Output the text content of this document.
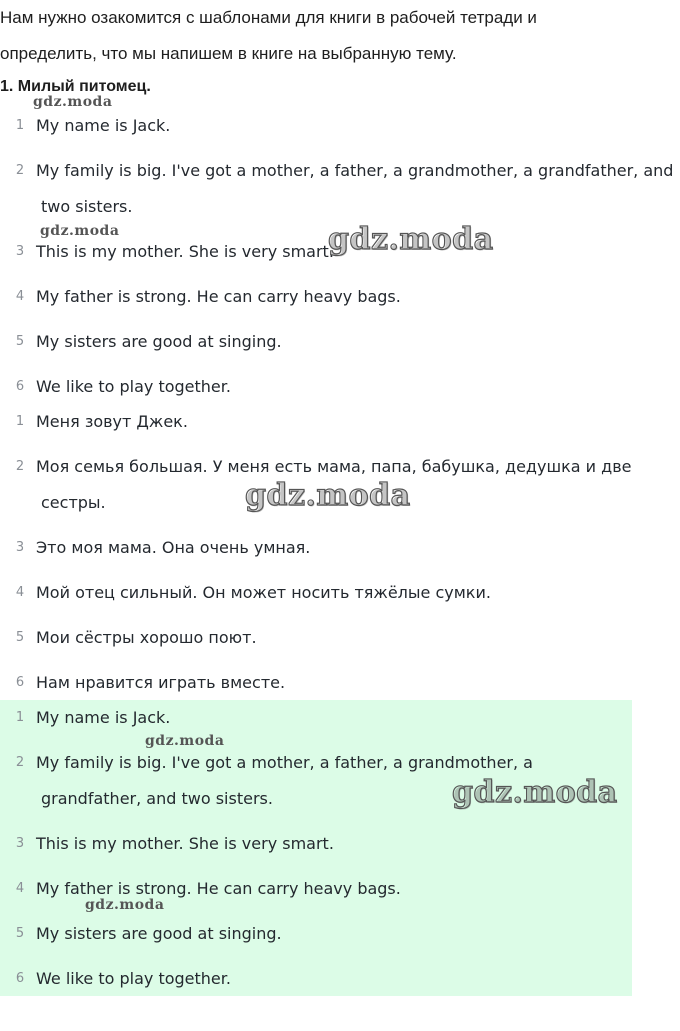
Нам нужно озакомится с шаблонами для книги в рабочей тетради и

определить, что мы напишем в книге на выбранную тему.

1. Милый питомец.
1 My name is Jack.
2 My family is big. I've got a mother, a father, a grandmother, a grandfather, and
two sisters.
3 This is my mother. She is very smart.
4 My father is strong. He can carry heavy bags.
5 My sisters are good at singing.
6 We like to play together.
1 Меня зовут Джек.
2 Моя семья большая. У меня есть мама, папа, бабушка, дедушка и две
сестры.
3 Это моя мама. Она очень умная.
4 Мой отец сильный. Он может носить тяжёлые сумки.
5 Мои сёстры хорошо поют.
6 Нам нравится играть вместе.
1 My name is Jack.
2 My family is big. I've got a mother, a father, a grandmother, a
grandfather, and two sisters.
3 This is my mother. She is very smart.
4 My father is strong. He can carry heavy bags.
5 My sisters are good at singing.
6 We like to play together.
gdz.moda
gdz.moda	gdz.moda
gdz.moda
gdz.moda
gdz.moda
